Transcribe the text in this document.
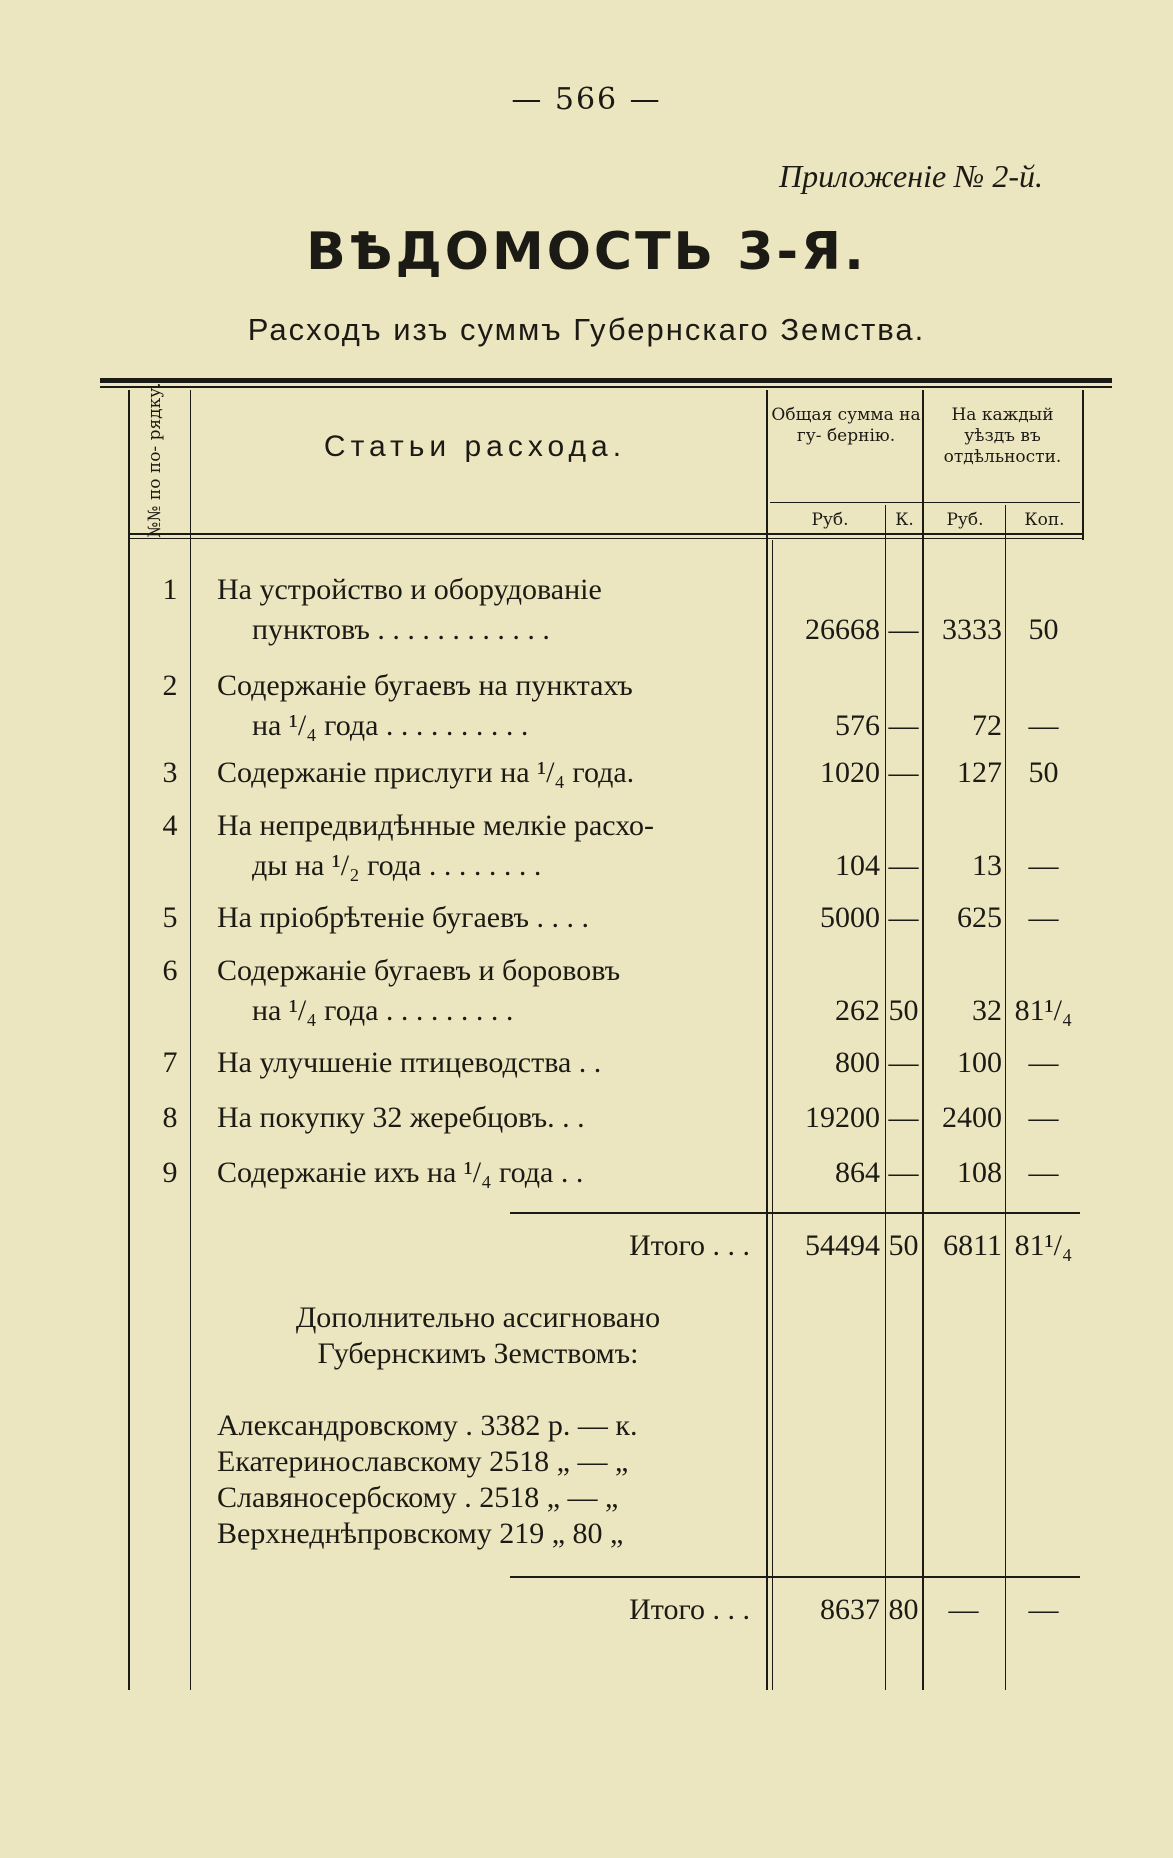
— 566 —
Приложеніе № 2-й.
ВѢДОМОСТЬ 3-Я.
Расходъ изъ суммъ Губернскаго Земства.
№№ по по- рядку.	Статьи расхода.
Общая сумма на гу- бернію.
На каждый уѣздъ въ отдѣльности.
Руб.	К.	Руб.	Коп.
1	На устройство и оборудованіе
пунктовъ . . . . . . . . . . . .	26668 — 3333 50
2	Содержаніе бугаевъ на пунктахъ
на ¹/₄ года . . . . . . . . . .	576 —	72 —
3	Содержаніе прислуги на ¹/₄ года.	1020 —	127 50
4	На непредвидѣнные мелкіе расхо-
ды на ¹/₂ года . . . . . . . .	104 —	13 —
5	На пріобрѣтеніе бугаевъ . . . .	5000 —	625 —
6	Содержаніе бугаевъ и борововъ
на ¹/₄ года . . . . . . . . .	262 50	32 81¹/₄
7	На улучшеніе птицеводства . .	800 —	100 —
8	На покупку 32 жеребцовъ. . .	19200 — 2400 —
9	Содержаніе ихъ на ¹/₄ года . .	864 —	108 —
Итого . . .	54494 50 6811 81¹/₄
Дополнительно ассигновано
Губернскимъ Земствомъ:
Александровскому . 3382 р. — к.
Екатеринославскому 2518 „ — „
Славяносербскому . 2518 „ — „
Верхнеднѣпровскому 219 „ 80 „
Итого . . .	8637 80	—	—
